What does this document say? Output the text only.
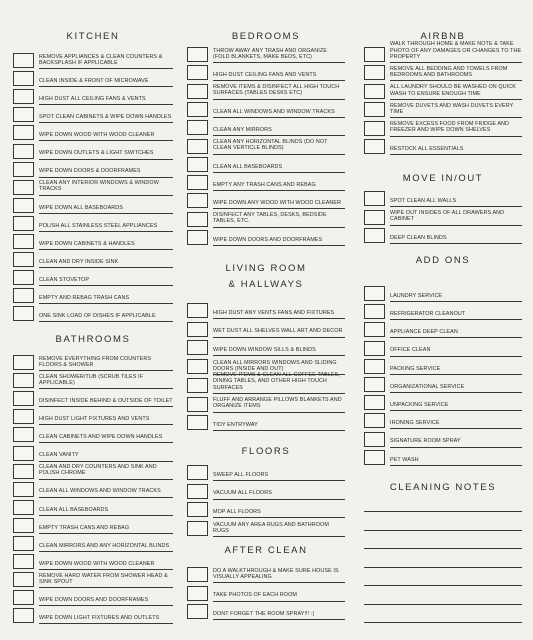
KITCHEN
REMOVE APPLIANCES & CLEAN COUNTERS & BACKSPLASH IF APPLICABLE
CLEAN INSIDE & FRONT OF MICROWAVE
HIGH DUST ALL CEILING FANS & VENTS
SPOT CLEAN CABINETS & WIPE DOWN HANDLES
WIPE DOWN WOOD WITH WOOD CLEANER
WIPE DOWN OUTLETS & LIGHT SWITCHES
WIPE DOWN DOORS & DOORFRAMES
CLEAN ANY INTERIOR WINDOWS & WINDOW TRACKS
WIPE DOWN ALL BASEBOARDS
POLISH ALL STAINLESS STEEL APPLIANCES
WIPE DOWN CABINETS & HANDLES
CLEAN AND DRY INSIDE SINK
CLEAN STOVETOP
EMPTY AND REBAG TRASH CANS
ONE SINK LOAD OF DISHES IF APPLICABLE
BATHROOMS
REMOVE EVERYTHING FROM COUNTERS FLOORS & SHOWER
CLEAN SHOWER/TUB (SCRUB TILES IF APPLICABLE)
DISINFECT INSIDE BEHIND & OUTSIDE OF TOILET
HIGH DUST LIGHT FIXTURES AND VENTS
CLEAN CABINETS AND WIPE DOWN HANDLES
CLEAN VANITY
CLEAN AND DRY COUNTERS AND SINK AND POLISH CHROME
CLEAN ALL WINDOWS AND WINDOW TRACKS
CLEAN ALL BASEBOARDS
EMPTY TRASH CANS AND REBAG
CLEAN MIRRORS AND ANY HORIZONTAL BLINDS
WIPE DOWN WOOD WITH WOOD CLEANER
REMOVE HARD WATER FROM SHOWER HEAD & SINK SPOUT
WIPE DOWN DOORS AND DOORFRAMES
WIPE DOWN LIGHT FIXTURES AND OUTLETS
BEDROOMS
THROW AWAY ANY TRASH AND ORGANIZE (FOLD BLANKETS, MAKE BEDS, ETC)
HIGH DUST CEILING FANS AND VENTS
REMOVE ITEMS & DISINFECT ALL HIGH TOUCH SURFACES (TABLES DESKS ETC)
CLEAN ALL WINDOWS AND WINDOW TRACKS
CLEAN ANY MIRRORS
CLEAN ANY HORIZONTAL BLINDS (DO NOT CLEAN VERTICLE BLINDS)
CLEAN ALL BASEBOARDS
EMPTY ANY TRASH CANS AND REBAG
WIPE DOWN ANY WOOD WITH WOOD CLEANER
DISINFECT ANY TABLES, DESKS, BEDSIDE TABLES, ETC.
WIPE DOWN DOORS AND DOORFRAMES
LIVING ROOM
& HALLWAYS
HIGH DUST ANY VENTS FANS AND FIXTURES
WET DUST ALL SHELVES WALL ART AND DECOR
WIPE DOWN WINDOW SILLS & BLINDS
CLEAN ALL MIRRORS WINDOWS AND SLIDING DOORS (INSIDE AND OUT)
REMOVE ITEMS & CLEAN ALL COFFEE TABLES, DINING TABLES, AND OTHER HIGH TOUCH SURFACES
FLUFF AND ARRANGE PILLOWS BLANKETS AND ORGANIZE ITEMS
TIDY ENTRYWAY
FLOORS
SWEEP ALL FLOORS
VACUUM ALL FLOORS
MOP ALL FLOORS
VACUUM ANY AREA RUGS AND BATHROOM RUGS
AFTER CLEAN
DO A WALKTHROUGH & MAKE SURE HOUSE IS VISUALLY APPEALING
TAKE PHOTOS OF EACH ROOM
DONT FORGET THE ROOM SPRAY!!! :)
AIRBNB
WALK THROUGH HOME & MAKE NOTE & TAKE PHOTO OF ANY DAMAGES OR CHANGES TO THE PROPERTY
REMOVE ALL BEDDING AND TOWELS FROM BEDROOMS AND BATHROOMS
ALL LAUNDRY SHOULD BE WASHED ON QUICK WASH TO ENSURE ENOUGH TIME
REMOVE DUVETS AND WASH DUVETS EVERY TIME
REMOVE EXCESS FOOD FROM FRIDGE AND FREEZER AND WIPE DOWN SHELVES
RESTOCK ALL ESSENTIALS
MOVE IN/OUT
SPOT CLEAN ALL WALLS
WIPE OUT INSIDES OF ALL DRAWERS AND CABINET
DEEP CLEAN BLINDS
ADD ONS
LAUNDRY SERVICE
REFRIGERATOR CLEANOUT
APPLIANCE DEEP CLEAN
OFFICE CLEAN
PACKING SERVICE
ORGANIZATIONAL SERVICE
UNPACKING SERVICE
IRONING SERVICE
SIGNATURE ROOM SPRAY
PET WASH
CLEANING NOTES
